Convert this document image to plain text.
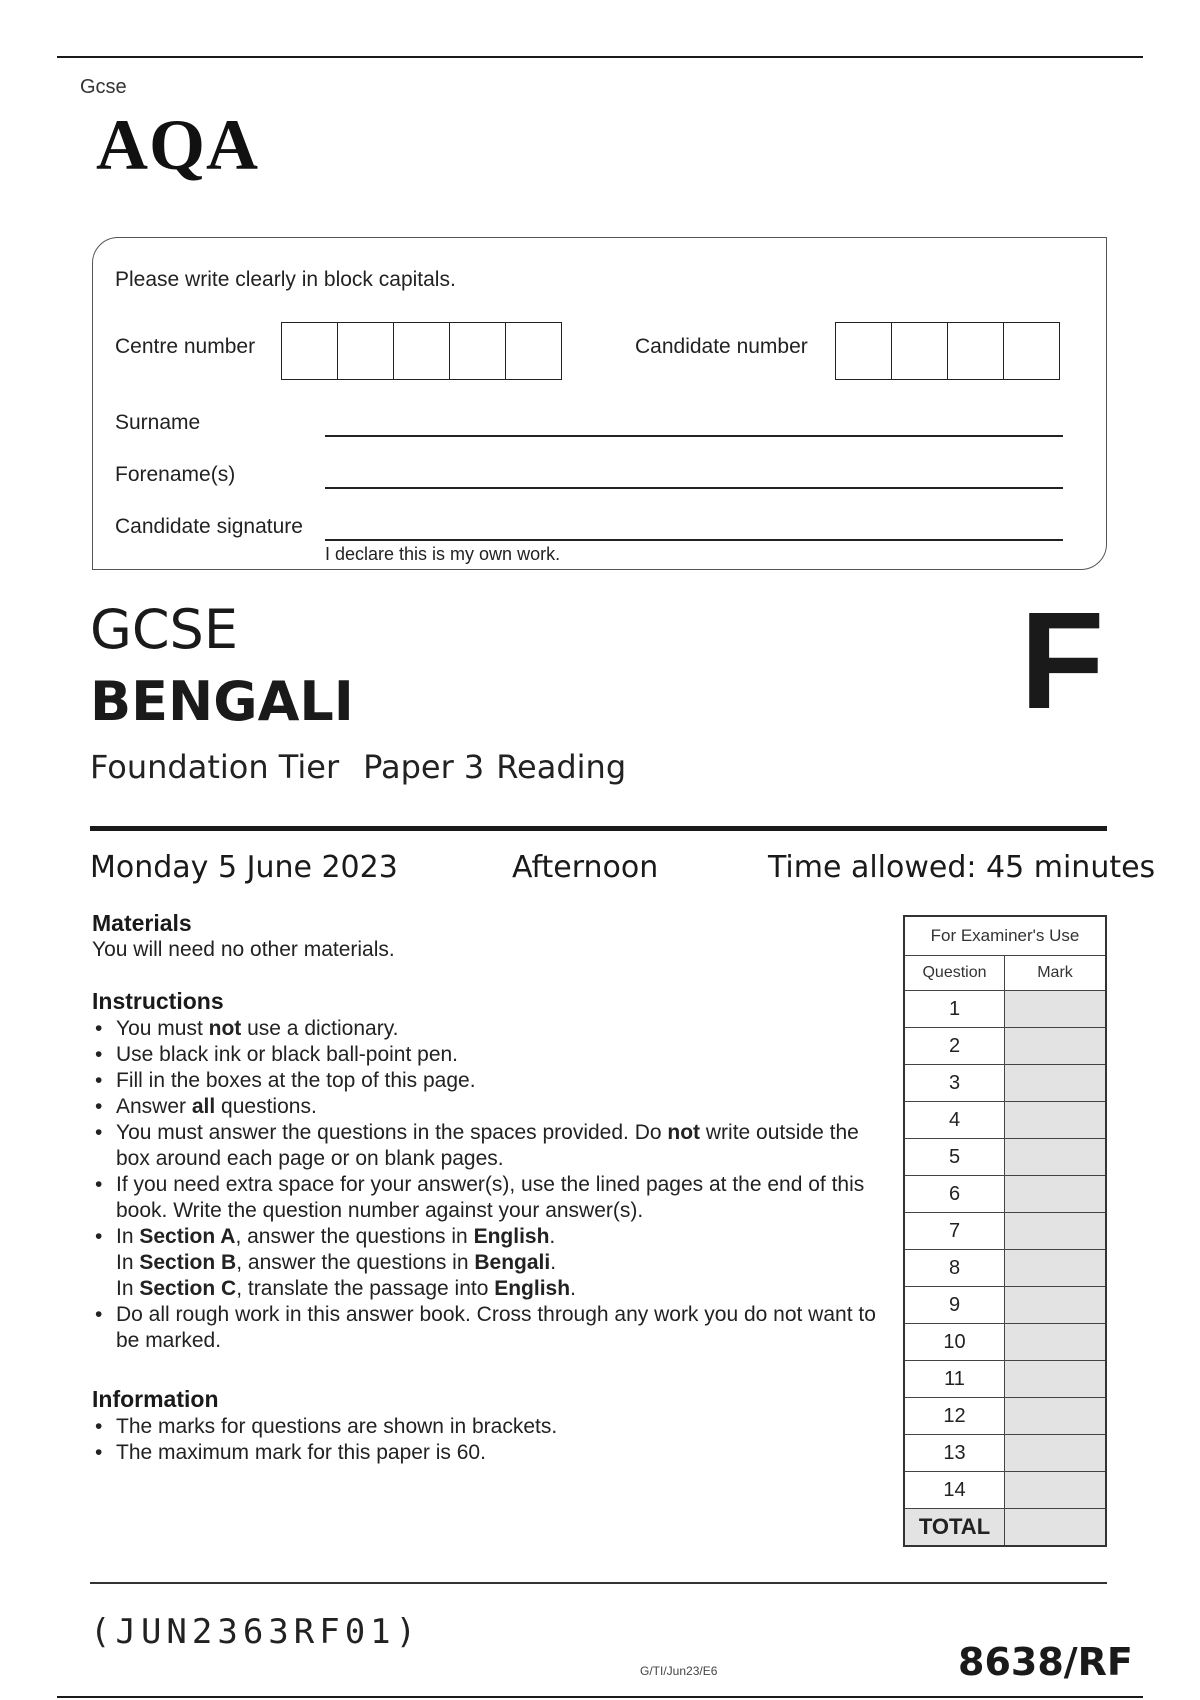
Gcse
AQA
Please write clearly in block capitals.
Centre number	Candidate number
Surname
Forename(s)
Candidate signature
I declare this is my own work.
GCSE
BENGALI	F
Foundation Tier Paper 3 Reading
Monday 5 June 2023	Afternoon	Time allowed: 45 minutes
Materials
You will need no other materials.
Instructions
• You must not use a dictionary.
• Use black ink or black ball-point pen.
• Fill in the boxes at the top of this page.
• Answer all questions.
• You must answer the questions in the spaces provided. Do not write outside the box around each page or on blank pages.
• If you need extra space for your answer(s), use the lined pages at the end of this book. Write the question number against your answer(s).
• In Section A, answer the questions in English.
In Section B, answer the questions in Bengali.
In Section C, translate the passage into English.
• Do all rough work in this answer book. Cross through any work you do not want to be marked.
Information
• The marks for questions are shown in brackets.
• The maximum mark for this paper is 60.
For Examiner's Use	
Question	Mark
1	
2	
3	
4	
5	
6	
7	
8	
9	
10	
11	
12	
13	
14	
TOTAL	
(JUN2363RF01)
G/TI/Jun23/E6	8638/RF
